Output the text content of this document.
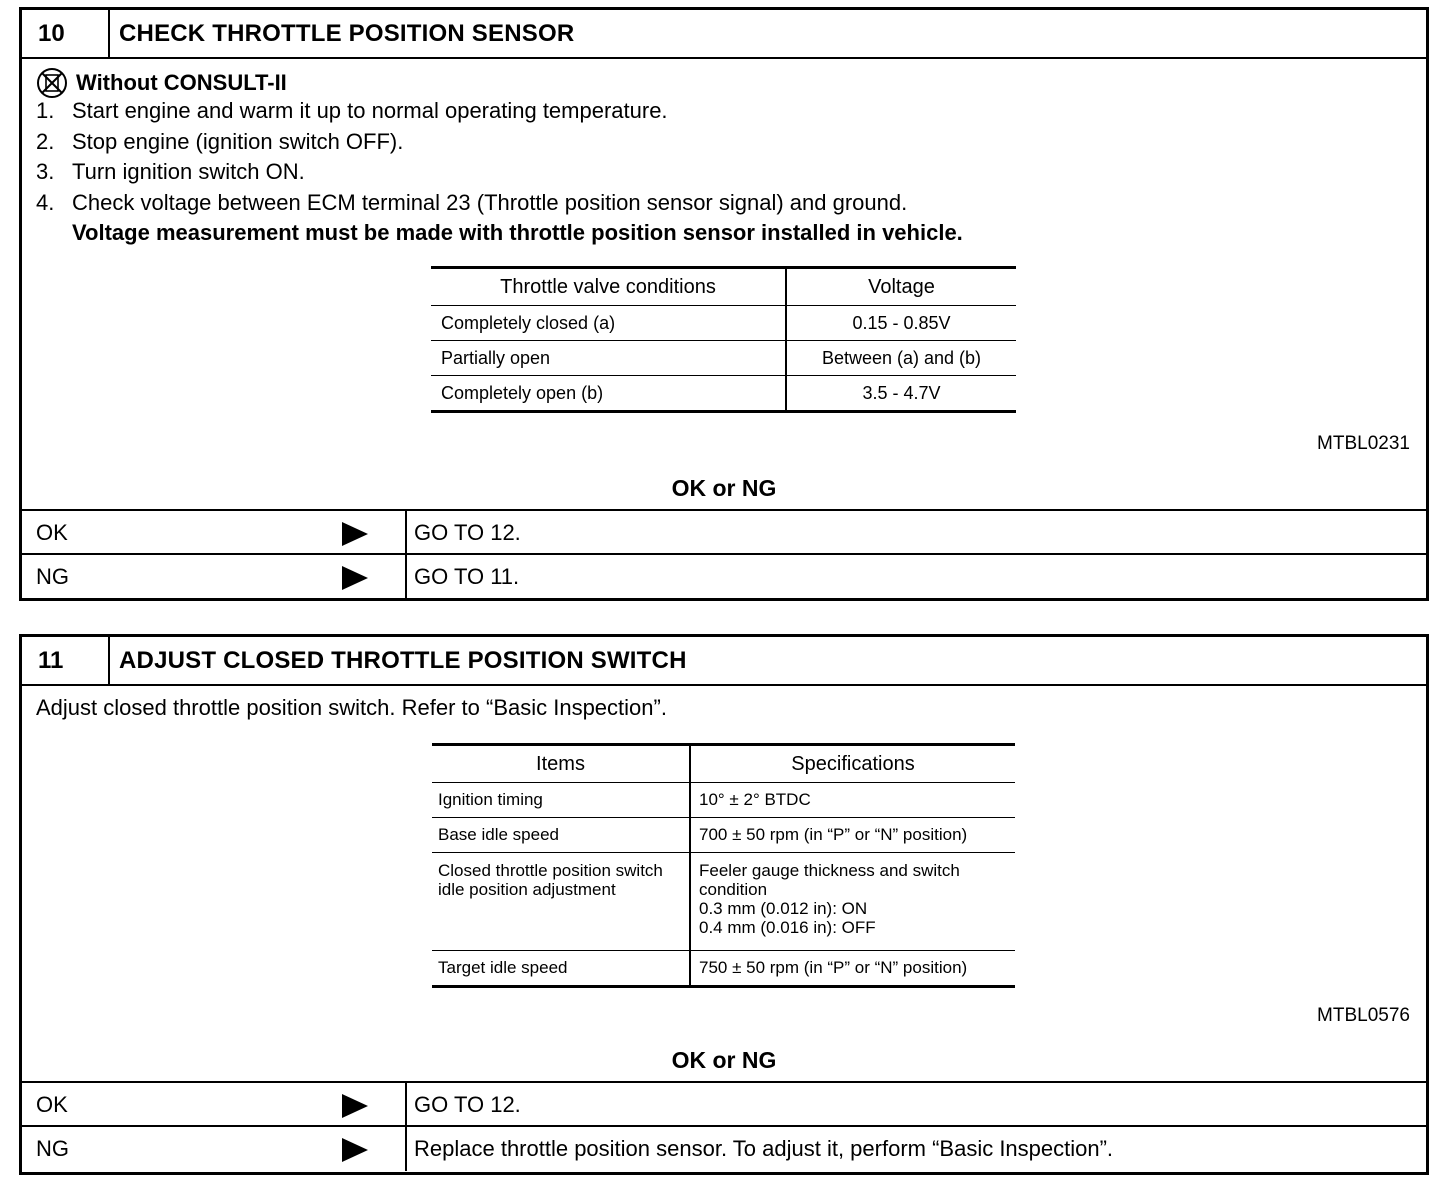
10	CHECK THROTTLE POSITION SENSOR
Without CONSULT-II
1. Start engine and warm it up to normal operating temperature.
2. Stop engine (ignition switch OFF).
3. Turn ignition switch ON.
4. Check voltage between ECM terminal 23 (Throttle position sensor signal) and ground.
Voltage measurement must be made with throttle position sensor installed in vehicle.
Throttle valve conditions	Voltage
Completely closed (a)	0.15 - 0.85V
Partially open	Between (a) and (b)
Completely open (b)	3.5 - 4.7V
MTBL0231
OK or NG
OK	GO TO 12.
NG	GO TO 11.
11	ADJUST CLOSED THROTTLE POSITION SWITCH
Adjust closed throttle position switch. Refer to “Basic Inspection”.
Items	Specifications
Ignition timing	10° ± 2° BTDC
Base idle speed	700 ± 50 rpm (in “P” or “N” position)
Closed throttle position switch idle position adjustment	Feeler gauge thickness and switch condition
0.3 mm (0.012 in): ON
0.4 mm (0.016 in): OFF

Target idle speed	750 ± 50 rpm (in “P” or “N” position)
MTBL0576
OK or NG
OK	GO TO 12.
NG	Replace throttle position sensor. To adjust it, perform “Basic Inspection”.
